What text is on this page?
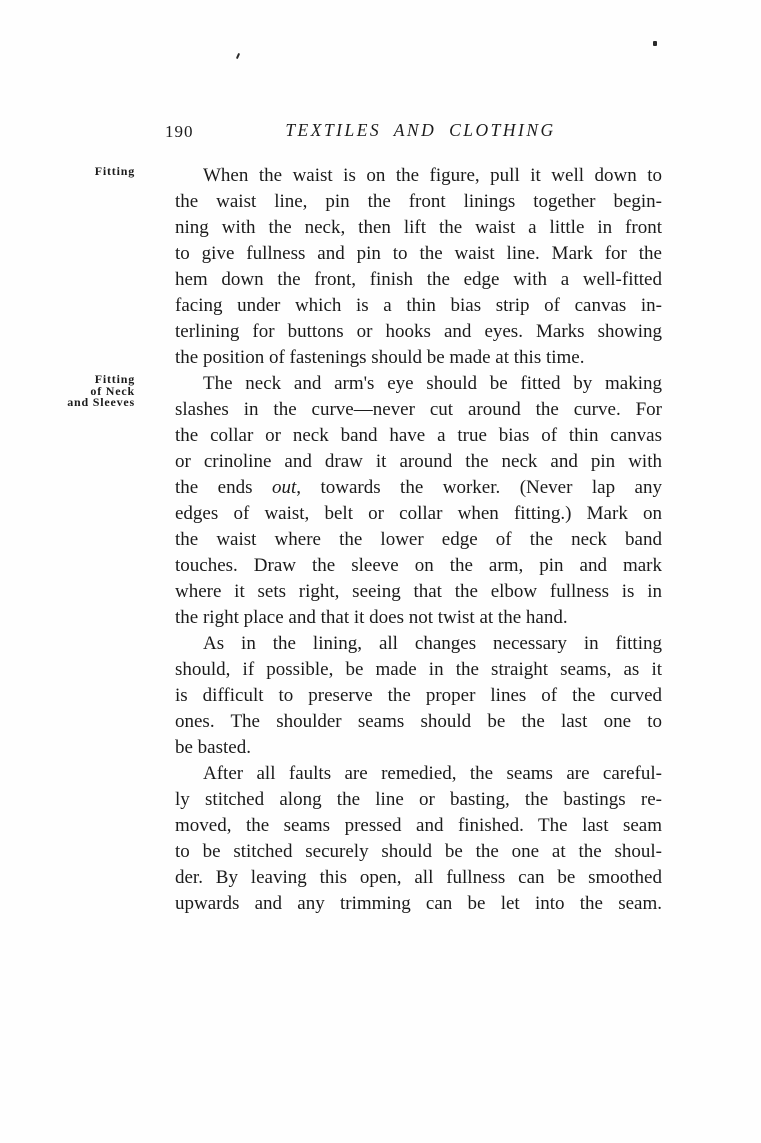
190	TEXTILES AND CLOTHING
Fitting	When the waist is on the figure, pull it well down to
the waist line, pin the front linings together begin-
ning with the neck, then lift the waist a little in front
to give fullness and pin to the waist line. Mark for the
hem down the front, finish the edge with a well-fitted
facing under which is a thin bias strip of canvas in-
terlining for buttons or hooks and eyes. Marks showing
the position of fastenings should be made at this time.
Fitting
of Neck
and Sleeves
The neck and arm's eye should be fitted by making
slashes in the curve—never cut around the curve. For
the collar or neck band have a true bias of thin canvas
or crinoline and draw it around the neck and pin with
the ends out, towards the worker. (Never lap any
edges of waist, belt or collar when fitting.) Mark on
the waist where the lower edge of the neck band
touches. Draw the sleeve on the arm, pin and mark
where it sets right, seeing that the elbow fullness is in
the right place and that it does not twist at the hand.
As in the lining, all changes necessary in fitting
should, if possible, be made in the straight seams, as it
is difficult to preserve the proper lines of the curved
ones. The shoulder seams should be the last one to
be basted.
After all faults are remedied, the seams are careful-
ly stitched along the line or basting, the bastings re-
moved, the seams pressed and finished. The last seam
to be stitched securely should be the one at the shoul-
der. By leaving this open, all fullness can be smoothed
upwards and any trimming can be let into the seam.
